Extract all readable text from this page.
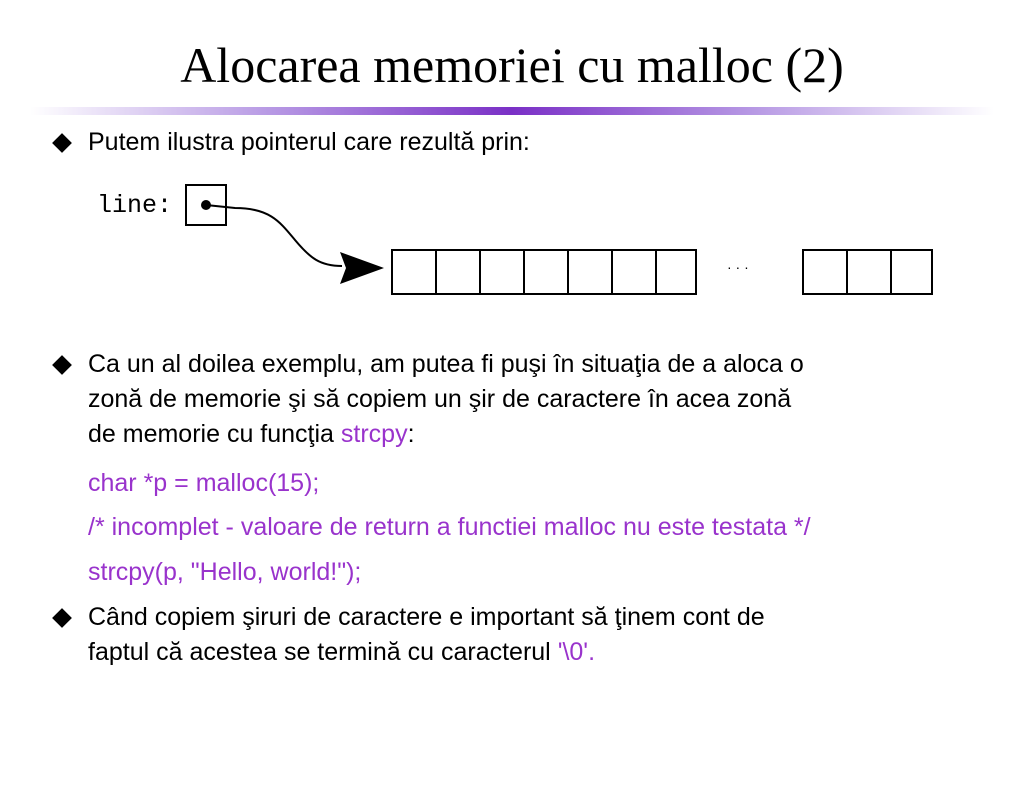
Alocarea memoriei cu malloc (2)
Putem ilustra pointerul care rezultă prin:
line:
· · ·
Ca un al doilea exemplu, am putea fi puşi în situaţia de a aloca o
zonă de memorie şi să copiem un şir de caractere în acea zonă
de memorie cu funcţia strcpy:
char *p = malloc(15);
/* incomplet - valoare de return a functiei malloc nu este testata */
strcpy(p, "Hello, world!");
Când copiem şiruri de caractere e important să ţinem cont de
faptul că acestea se termină cu caracterul '\0'.
